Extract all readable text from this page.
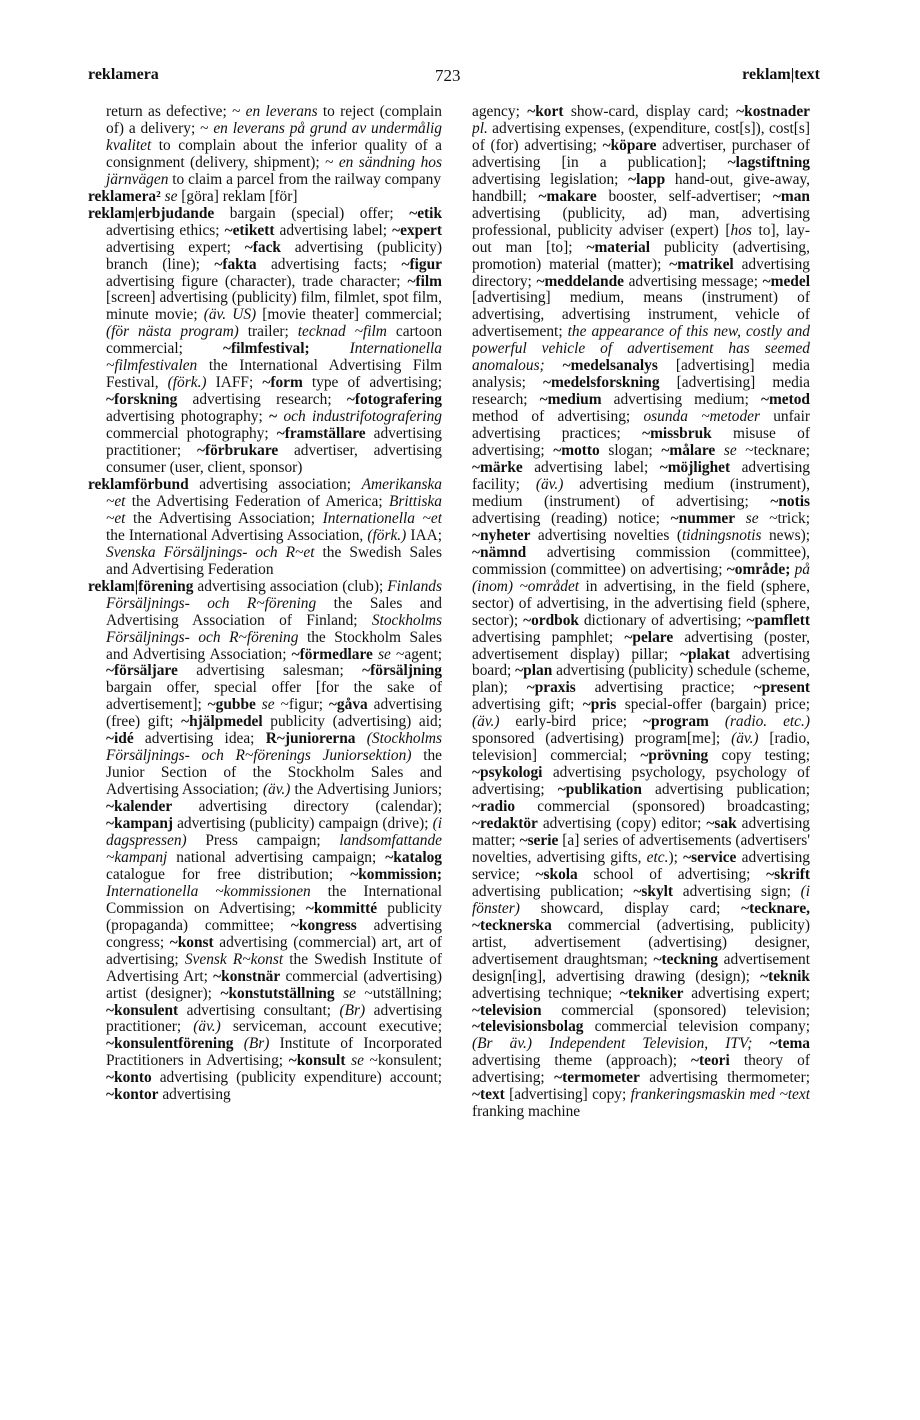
reklamera	723	reklam|text

return as defective; ~ en leverans to reject (complain of) a delivery; ~ en leverans på grund av undermålig kvalitet to complain about the inferior quality of a consignment (delivery, shipment); ~ en sändning hos järnvägen to claim a parcel from the railway company

reklamera² se [göra] reklam [för]

reklam|erbjudande bargain (special) offer; ~etik advertising ethics; ~etikett advertising label; ~expert advertising expert; ~fack advertising (publicity) branch (line); ~fakta advertising facts; ~figur advertising figure (character), trade character; ~film [screen] advertising (publicity) film, filmlet, spot film, minute movie; (äv. US) [movie theater] commercial; (för nästa program) trailer; tecknad ~film cartoon commercial; ~filmfestival;	Internationella ~filmfestivalen the International Advertising Film Festival, (förk.) IAFF; ~form type of advertising; ~forskning advertising research; ~fotografering advertising photography; ~ och industrifotografering commercial photography; ~framställare advertising practitioner; ~förbrukare advertiser, advertising consumer (user, client, sponsor)

reklamförbund advertising association; Amerikanska ~et the Advertising Federation of America; Brittiska ~et the Advertising Association; Internationella ~et the International Advertising Association, (förk.) IAA; Svenska Försäljnings- och R~et the Swedish Sales and Advertising Federation

reklam|förening advertising association (club); Finlands Försäljnings- och R~förening the Sales and Advertising Association of Finland; Stockholms Försäljnings- och R~förening the Stockholm Sales and Advertising Association; ~förmedlare se ~agent; ~försäljare advertising salesman; ~försäljning bargain offer, special offer [for the sake of advertisement]; ~gubbe se ~figur; ~gåva advertising (free) gift; ~hjälpmedel publicity (advertising) aid; ~idé advertising idea; R~juniorerna (Stockholms Försäljnings- och R~förenings Juniorsektion) the Junior Section of the Stockholm Sales and Advertising Association; (äv.) the Advertising Juniors; ~kalender advertising directory (calendar); ~kampanj advertising (publicity) campaign (drive); (i dagspressen) Press campaign; landsomfattande ~kampanj national advertising campaign; ~katalog catalogue for free distribution; ~kommission; Internationella ~kommissionen the International Commission on Advertising; ~kommitté publicity (propaganda) committee; ~kongress advertising congress; ~konst advertising (commercial) art, art of advertising; Svensk R~konst the Swedish Institute of Advertising Art; ~konstnär commercial (advertising) artist (designer); ~konstutställning se ~utställning; ~konsulent advertising consultant; (Br) advertising practitioner; (äv.) serviceman, account executive; ~konsulentförening (Br) Institute of Incorporated Practitioners in Advertising; ~konsult se ~konsulent; ~konto advertising (publicity expenditure) account; ~kontor advertising

agency; ~kort show-card, display card; ~kostnader pl. advertising expenses, (expenditure, cost[s]), cost[s] of (for) advertising; ~köpare advertiser, purchaser of advertising [in a publication]; ~lagstiftning advertising legislation; ~lapp hand-out, give-away, handbill; ~makare booster, self-advertiser; ~man advertising (publicity, ad) man, advertising professional, publicity adviser (expert) [hos to], lay-out man [to]; ~material publicity (advertising, promotion) material (matter); ~matrikel advertising directory; ~meddelande advertising message; ~medel [advertising] medium, means (instrument) of advertising, advertising instrument, vehicle of advertisement; the appearance of this new, costly and powerful vehicle of advertisement has seemed anomalous; ~medelsanalys [advertising] media analysis; ~medelsforskning [advertising] media research; ~medium advertising medium; ~metod method of advertising; osunda ~metoder unfair advertising practices; ~missbruk misuse of advertising; ~motto slogan; ~målare se ~tecknare; ~märke advertising label; ~möjlighet advertising facility; (äv.) advertising medium (instrument), medium (instrument) of advertising; ~notis advertising (reading) notice; ~nummer se ~trick; ~nyheter advertising novelties (tidningsnotis news); ~nämnd advertising commission (committee), commission (committee) on advertising; ~område; på (inom) ~området in advertising, in the field (sphere, sector) of advertising, in the advertising field (sphere, sector); ~ordbok dictionary of advertising; ~pamflett advertising pamphlet; ~pelare advertising (poster, advertisement display) pillar; ~plakat advertising board; ~plan advertising (publicity) schedule (scheme, plan); ~praxis advertising practice; ~present advertising gift; ~pris special-offer (bargain) price; (äv.) early-bird price; ~program (radio. etc.) sponsored (advertising) program[me]; (äv.) [radio, television] commercial; ~prövning copy testing; ~psykologi advertising psychology, psychology of advertising; ~publikation advertising publication; ~radio commercial (sponsored) broadcasting; ~redaktör advertising (copy) editor; ~sak advertising matter; ~serie [a] series of advertisements (advertisers' novelties, advertising gifts, etc.); ~service advertising service; ~skola school of advertising; ~skrift advertising publication; ~skylt advertising sign; (i fönster) showcard, display card; ~tecknare, ~tecknerska commercial (advertising, publicity) artist, advertisement (advertising) designer, advertisement draughtsman; ~teckning advertisement design[ing], advertising drawing (design); ~teknik advertising technique; ~tekniker advertising expert; ~television commercial (sponsored) television; ~televisionsbolag commercial television company; (Br äv.) Independent Television, ITV; ~tema advertising theme (approach); ~teori theory of advertising; ~termometer advertising thermometer; ~text [advertising] copy; frankeringsmaskin med ~text franking machine
